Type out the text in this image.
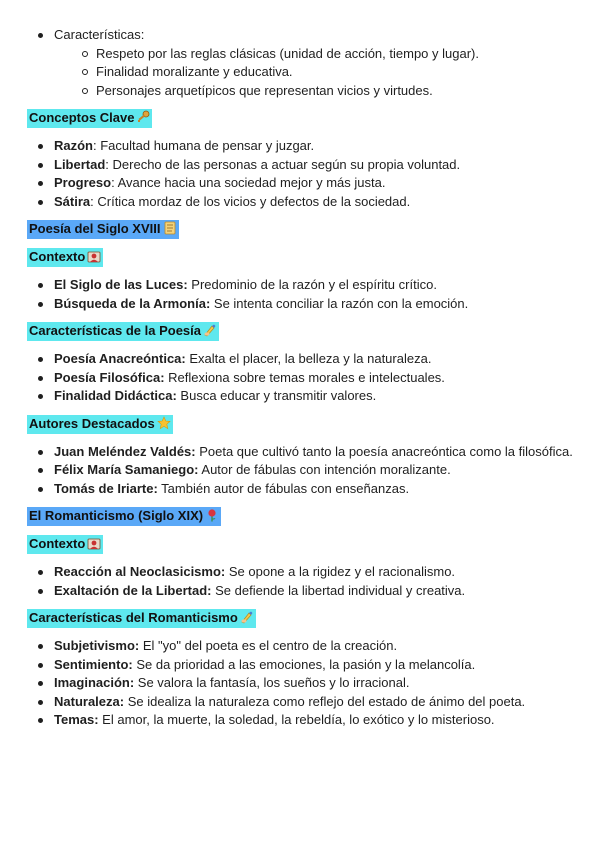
Características:
Respeto por las reglas clásicas (unidad de acción, tiempo y lugar).
Finalidad moralizante y educativa.
Personajes arquetípicos que representan vicios y virtudes.
Conceptos Clave
Razón: Facultad humana de pensar y juzgar.
Libertad: Derecho de las personas a actuar según su propia voluntad.
Progreso: Avance hacia una sociedad mejor y más justa.
Sátira: Crítica mordaz de los vicios y defectos de la sociedad.
Poesía del Siglo XVIII
Contexto
El Siglo de las Luces: Predominio de la razón y el espíritu crítico.
Búsqueda de la Armonía: Se intenta conciliar la razón con la emoción.
Características de la Poesía
Poesía Anacreóntica: Exalta el placer, la belleza y la naturaleza.
Poesía Filosófica: Reflexiona sobre temas morales e intelectuales.
Finalidad Didáctica: Busca educar y transmitir valores.
Autores Destacados
Juan Meléndez Valdés: Poeta que cultivó tanto la poesía anacreóntica como la filosófica.
Félix María Samaniego: Autor de fábulas con intención moralizante.
Tomás de Iriarte: También autor de fábulas con enseñanzas.
El Romanticismo (Siglo XIX)
Contexto
Reacción al Neoclasicismo: Se opone a la rigidez y el racionalismo.
Exaltación de la Libertad: Se defiende la libertad individual y creativa.
Características del Romanticismo
Subjetivismo: El "yo" del poeta es el centro de la creación.
Sentimiento: Se da prioridad a las emociones, la pasión y la melancolía.
Imaginación: Se valora la fantasía, los sueños y lo irracional.
Naturaleza: Se idealiza la naturaleza como reflejo del estado de ánimo del poeta.
Temas: El amor, la muerte, la soledad, la rebeldía, lo exótico y lo misterioso.
